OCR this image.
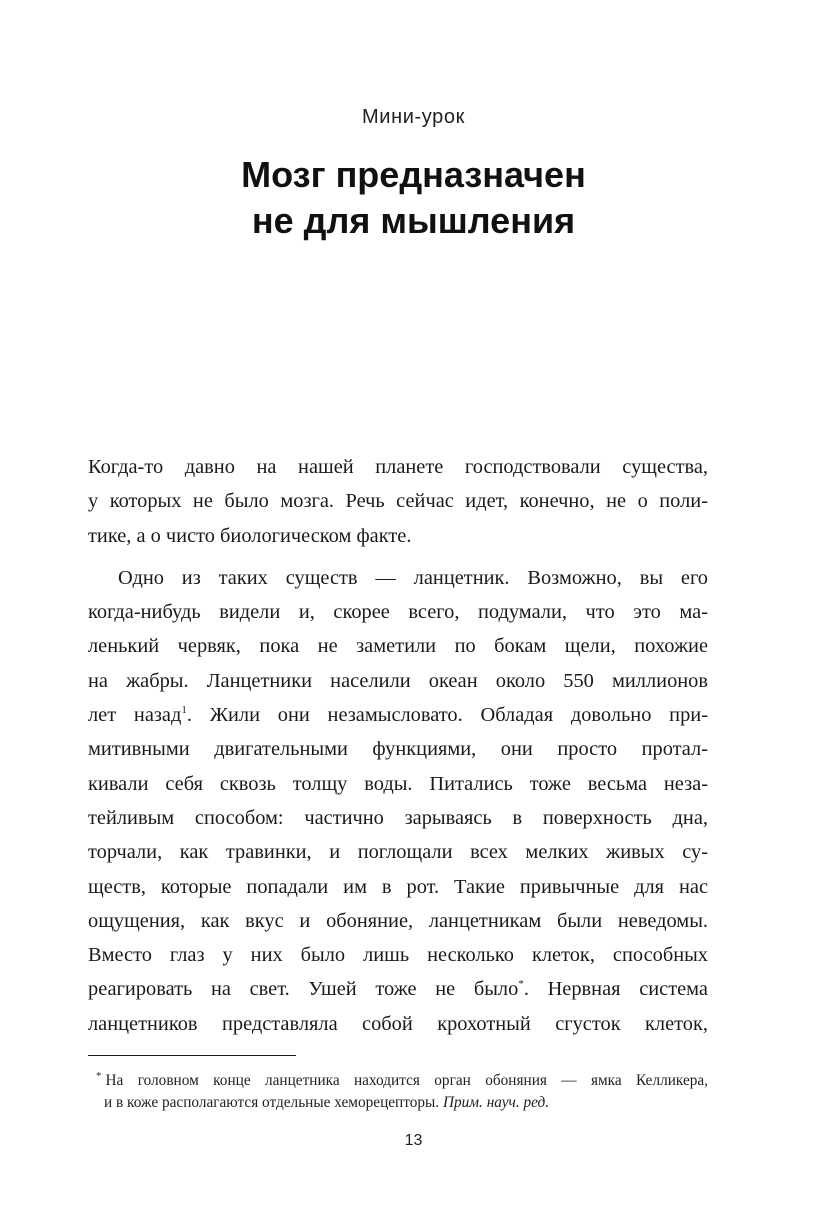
Мини-урок
Мозг предназначен
не для мышления

Когда-то давно на нашей планете господствовали существа,
у которых не было мозга. Речь сейчас идет, конечно, не о поли-
тике, а о чисто биологическом факте.

Одно из таких существ — ланцетник. Возможно, вы его
когда-нибудь видели и, скорее всего, подумали, что это ма-
ленький червяк, пока не заметили по бокам щели, похожие
на жабры. Ланцетники населили океан около 550 миллионов
лет назад$^1$. Жили они незамысловато. Обладая довольно при-
митивными двигательными функциями, они просто протал-
кивали себя сквозь толщу воды. Питались тоже весьма неза-
тейливым способом: частично зарываясь в поверхность дна,
торчали, как травинки, и поглощали всех мелких живых су-
ществ, которые попадали им в рот. Такие привычные для нас
ощущения, как вкус и обоняние, ланцетникам были неведомы.
Вместо глаз у них было лишь несколько клеток, способных
реагировать на свет. Ушей тоже не было*. Нервная система
ланцетников представляла собой крохотный сгусток клеток,

* На головном конце ланцетника находится орган обоняния — ямка Келликера,
и в коже располагаются отдельные хеморецепторы. Прим. науч. ред.
13
